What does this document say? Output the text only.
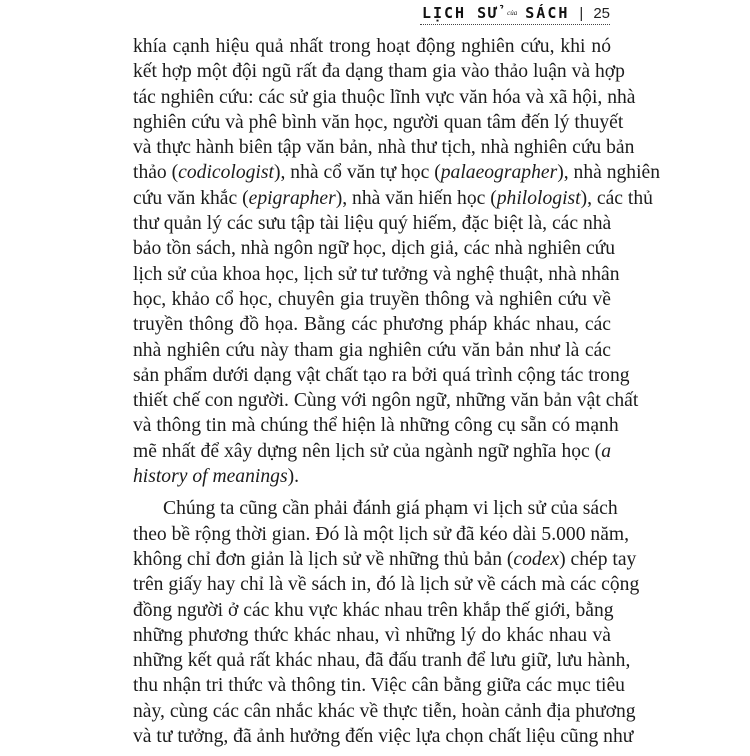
LỊCH SỬ của SÁCH | 25
khía cạnh hiệu quả nhất trong hoạt động nghiên cứu, khi nó
kết hợp một đội ngũ rất đa dạng tham gia vào thảo luận và hợp
tác nghiên cứu: các sử gia thuộc lĩnh vực văn hóa và xã hội, nhà
nghiên cứu và phê bình văn học, người quan tâm đến lý thuyết
và thực hành biên tập văn bản, nhà thư tịch, nhà nghiên cứu bản
thảo (codicologist), nhà cổ văn tự học (palaeographer), nhà nghiên
cứu văn khắc (epigrapher), nhà văn hiến học (philologist), các thủ
thư quản lý các sưu tập tài liệu quý hiếm, đặc biệt là, các nhà
bảo tồn sách, nhà ngôn ngữ học, dịch giả, các nhà nghiên cứu
lịch sử của khoa học, lịch sử tư tưởng và nghệ thuật, nhà nhân
học, khảo cổ học, chuyên gia truyền thông và nghiên cứu về
truyền thông đồ họa. Bằng các phương pháp khác nhau, các
nhà nghiên cứu này tham gia nghiên cứu văn bản như là các
sản phẩm dưới dạng vật chất tạo ra bởi quá trình cộng tác trong
thiết chế con người. Cùng với ngôn ngữ, những văn bản vật chất
và thông tin mà chúng thể hiện là những công cụ sẵn có mạnh
mẽ nhất để xây dựng nên lịch sử của ngành ngữ nghĩa học (a
history of meanings).
Chúng ta cũng cần phải đánh giá phạm vi lịch sử của sách
theo bề rộng thời gian. Đó là một lịch sử đã kéo dài 5.000 năm,
không chỉ đơn giản là lịch sử về những thủ bản (codex) chép tay
trên giấy hay chỉ là về sách in, đó là lịch sử về cách mà các cộng
đồng người ở các khu vực khác nhau trên khắp thế giới, bằng
những phương thức khác nhau, vì những lý do khác nhau và
những kết quả rất khác nhau, đã đấu tranh để lưu giữ, lưu hành,
thu nhận tri thức và thông tin. Việc cân bằng giữa các mục tiêu
này, cùng các cân nhắc khác về thực tiễn, hoàn cảnh địa phương
và tư tưởng, đã ảnh hưởng đến việc lựa chọn chất liệu cũng như
